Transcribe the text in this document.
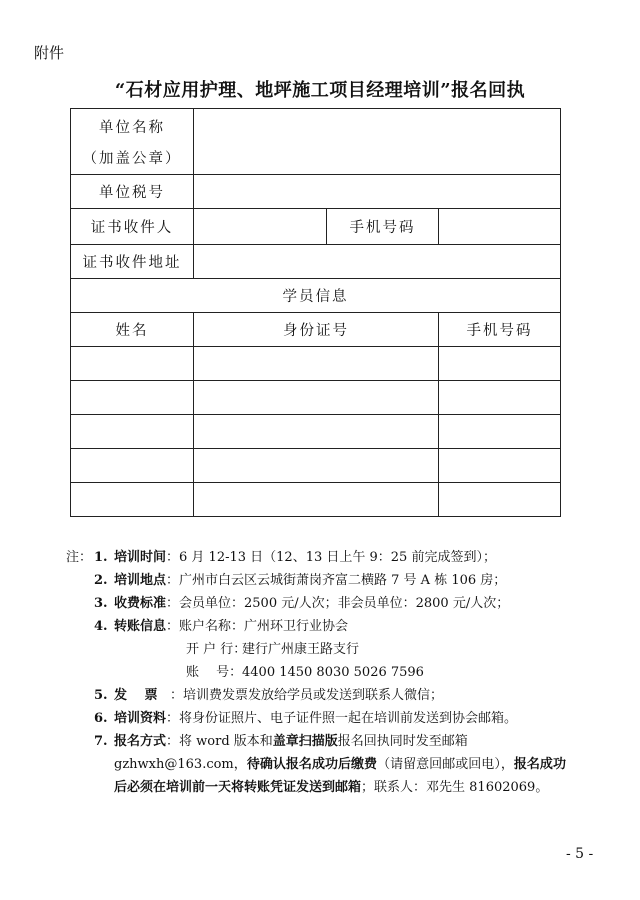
附件
“石材应用护理、地坪施工项目经理培训”报名回执
单位名称
（加盖公章）			

单位税号			
证书收件人		手机号码	
证书收件地址			
学员信息			
姓名	身份证号		手机号码

注： 1. 培训时间 ：6 月 12-13 日（12、13 日上午 9：25 前完成签到）；
2. 培训地点 ：广州市白云区云城街萧岗齐富二横路 7 号 A 栋 106 房；
3. 收费标准 ：会员单位：2500 元/人次；非会员单位：2800 元/人次；
4. 转账信息 ：账户名称：广州环卫行业协会
开 户 行：建行广州康王路支行
账　 号：4400 1450 8030 5026 7596
5. 发　 票 ：培训费发票发放给学员或发送到联系人微信；
6. 培训资料 ：将身份证照片、电子证件照一起在培训前发送到协会邮箱。
7. 报名方式 ：将 word 版本和 盖章扫描版 报名回执同时发至邮箱
gzhwxh@163.com，待确认报名成功后缴费（请留意回邮或回电），报名成功后必须在培训前一天将转账凭证发送到邮箱；联系人：邓先生 81602069。
- 5 -
